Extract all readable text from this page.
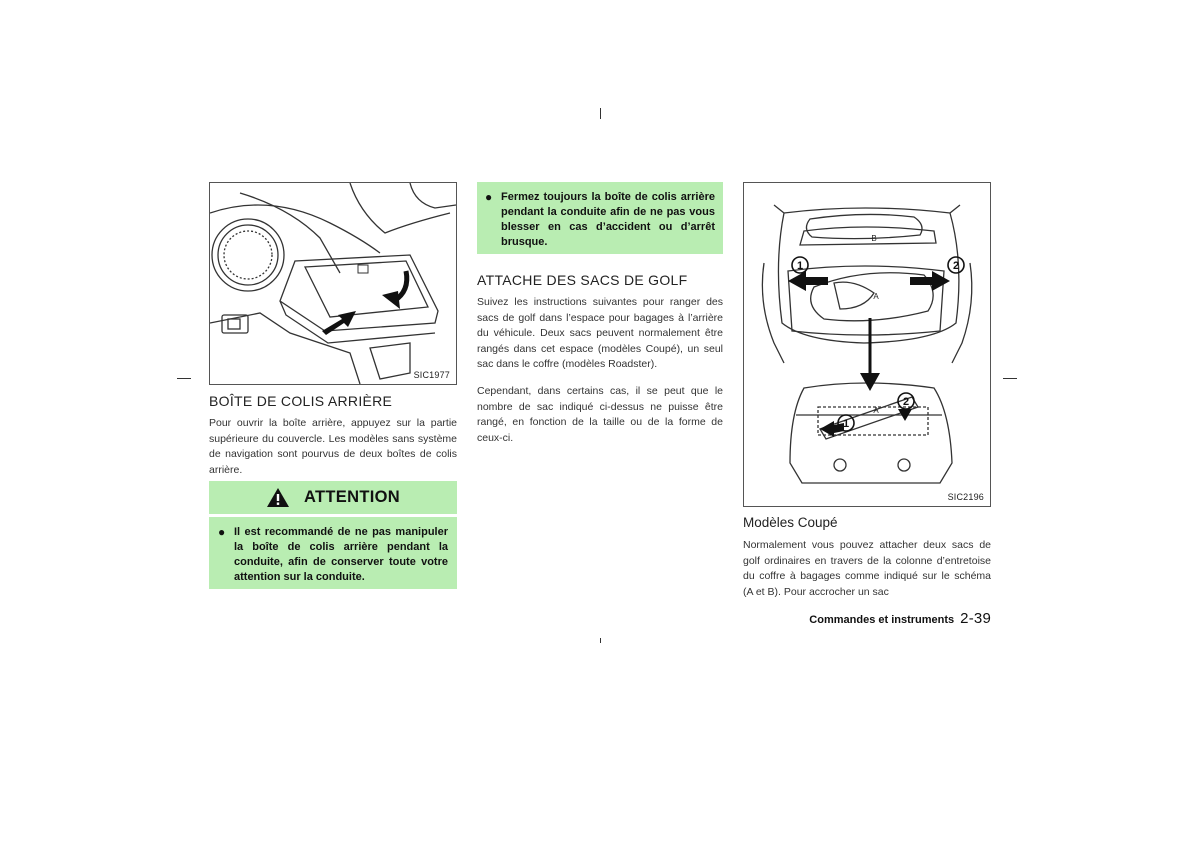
SIC1977
BOÎTE DE COLIS ARRIÈRE

Pour ouvrir la boîte arrière, appuyez sur la partie supérieure du couvercle. Les modèles sans système de navigation sont pourvus de deux boîtes de colis arrière.

ATTENTION
● Il est recommandé de ne pas manipuler la boîte de colis arrière pendant la conduite, afin de conserver toute votre attention sur la conduite.
● Fermez toujours la boîte de colis arrière pendant la conduite afin de ne pas vous blesser en cas d’accident ou d’arrêt brusque.
ATTACHE DES SACS DE GOLF

Suivez les instructions suivantes pour ranger des sacs de golf dans l’espace pour bagages à l’arrière du véhicule. Deux sacs peuvent normalement être rangés dans cet espace (modèles Coupé), un seul sac dans le coffre (modèles Roadster).

Cependant, dans certains cas, il se peut que le nombre de sac indiqué ci-dessus ne puisse être rangé, en fonction de la taille ou de la forme de ceux-ci.

1	2
1
2
B
A
A
SIC2196
Modèles Coupé

Normalement vous pouvez attacher deux sacs de golf ordinaires en travers de la colonne d’entretoise du coffre à bagages comme indiqué sur le schéma (A et B). Pour accrocher un sac

Commandes et instruments 2-39
